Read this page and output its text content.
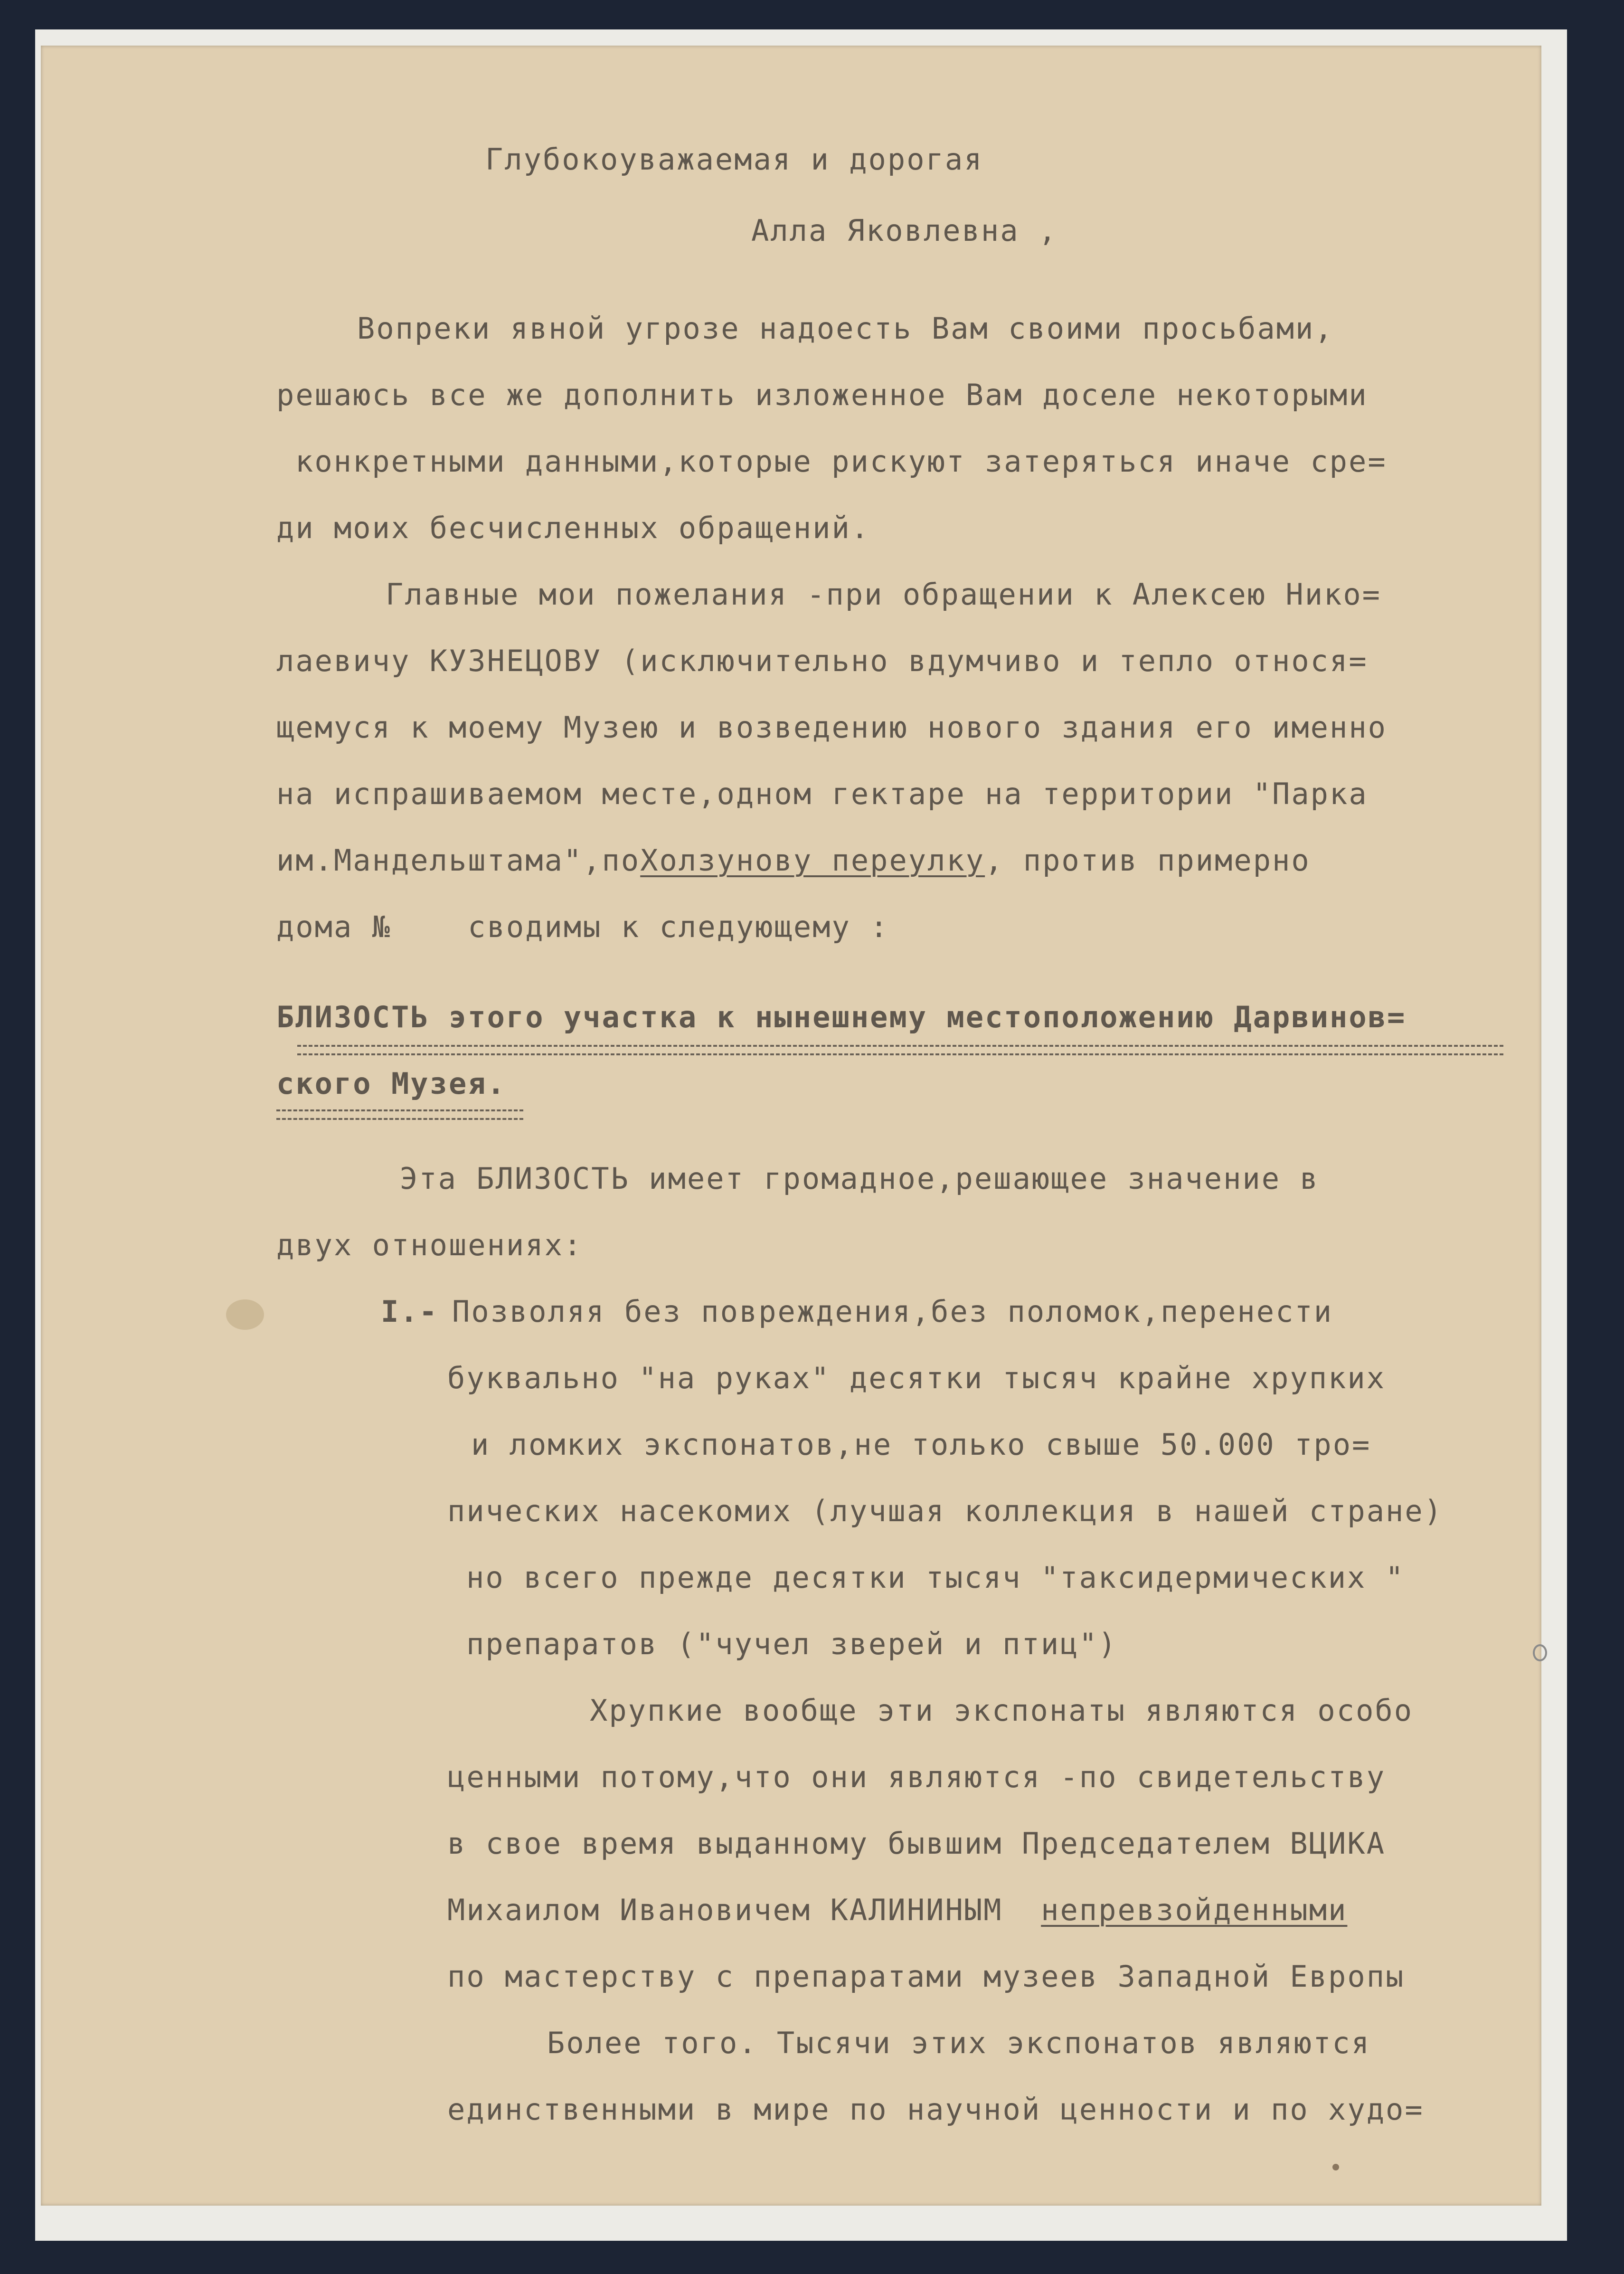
Глубокоуважаемая и дорогая

Алла Яковлевна ,

Вопреки явной угрозе надоесть Вам своими просьбами,

решаюсь все же дополнить изложенное Вам доселе некоторыми

конкретными данными,которые рискуют затеряться иначе сре=

ди моих бесчисленных обращений.

Главные мои пожелания -при обращении к Алексею Нико=

лаевичу КУЗНЕЦОВУ (исключительно вдумчиво и тепло относя=

щемуся к моему Музею и возведению нового здания его именно

на испрашиваемом месте,одном гектаре на территории "Парка

им.Мандельштама",поХолзунову переулку, против примерно

дома №    сводимы к следующему :

БЛИЗОСТЬ этого участка к нынешнему местоположению Дарвинов=

ского Музея.

Эта БЛИЗОСТЬ имеет громадное,решающее значение в

двух отношениях:

I.- Позволяя без повреждения,без поломок,перенести

буквально "на руках" десятки тысяч крайне хрупких

и ломких экспонатов,не только свыше 50.000 тро=

пических насекомих (лучшая коллекция в нашей стране)

но всего прежде десятки тысяч "таксидермических "

препаратов ("чучел зверей и птиц")

Хрупкие вообще эти экспонаты являются особо

ценными потому,что они являются -по свидетельству

в свое время выданному бывшим Председателем ВЦИКА

Михаилом Ивановичем КАЛИНИНЫМ  непревзойденными

по мастерству с препаратами музеев Западной Европы

Более того. Тысячи этих экспонатов являются

единственными в мире по научной ценности и по худо=
